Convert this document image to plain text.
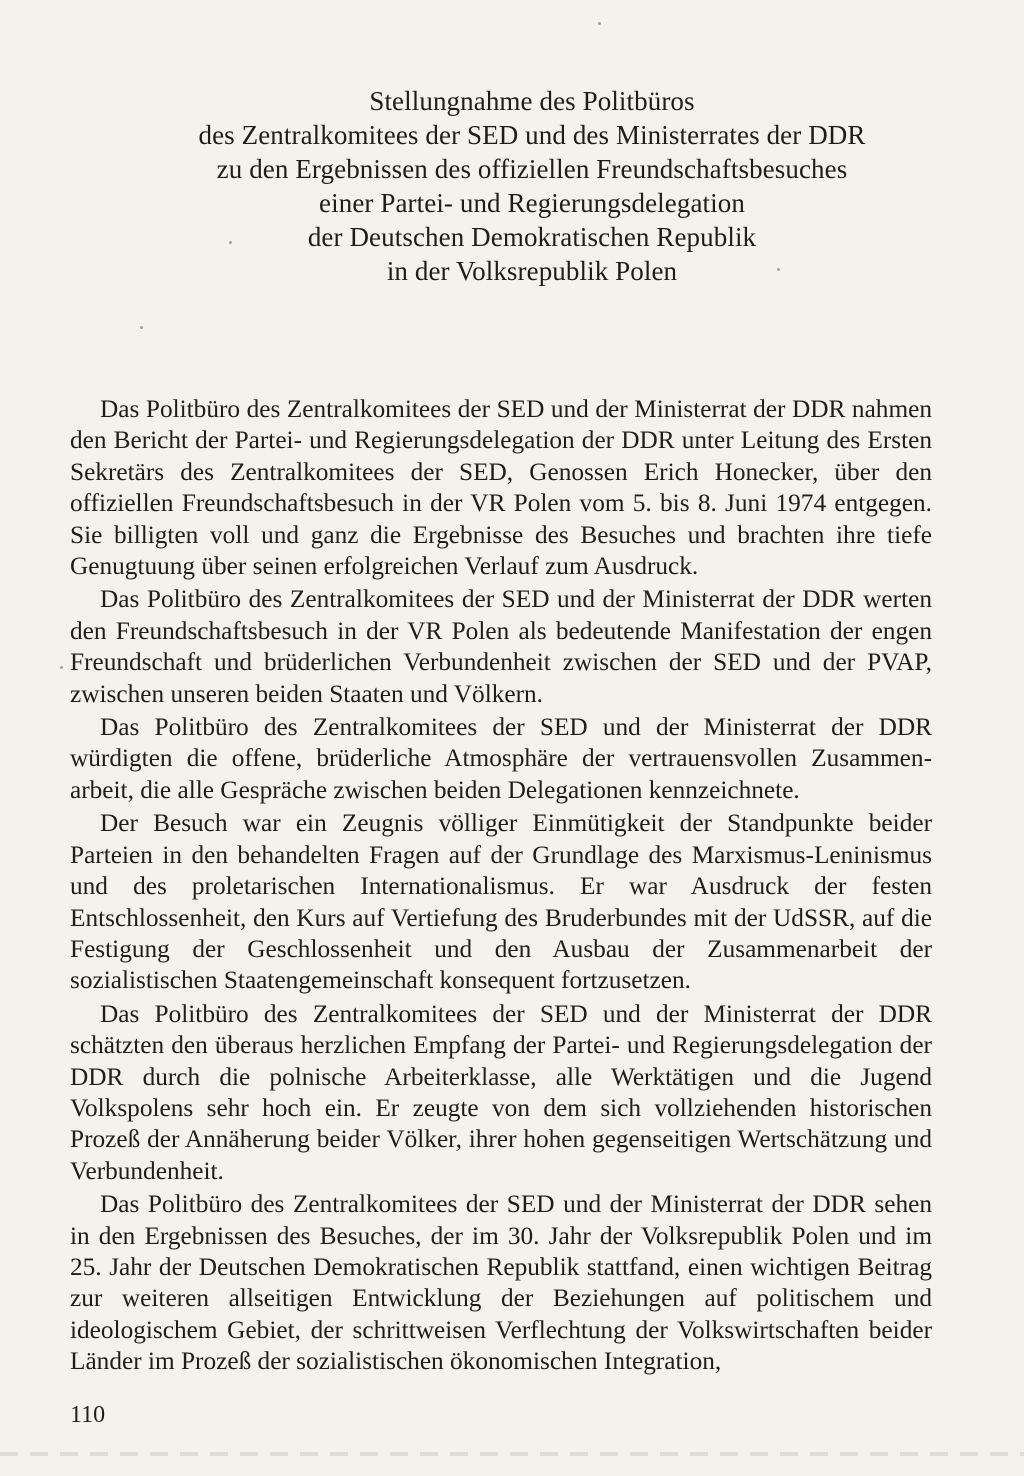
Stellungnahme des Politbüros
des Zentralkomitees der SED und des Ministerrates der DDR
zu den Ergebnissen des offiziellen Freundschaftsbesuches
einer Partei- und Regierungsdelegation
der Deutschen Demokratischen Republik
in der Volksrepublik Polen

Das Politbüro des Zentralkomitees der SED und der Ministerrat der DDR nahmen den Bericht der Partei- und Regierungsdelegation der DDR unter Leitung des Ersten Sekretärs des Zentralkomitees der SED, Genossen Erich Honecker, über den offiziellen Freundschaftsbesuch in der VR Polen vom 5. bis 8. Juni 1974 entgegen. Sie billigten voll und ganz die Ergebnisse des Besuches und brachten ihre tiefe Genugtuung über seinen erfolgreichen Verlauf zum Ausdruck.

Das Politbüro des Zentralkomitees der SED und der Ministerrat der DDR werten den Freundschaftsbesuch in der VR Polen als bedeutende Manifestation der engen Freundschaft und brüderlichen Verbundenheit zwischen der SED und der PVAP, zwischen unseren beiden Staaten und Völkern.

Das Politbüro des Zentralkomitees der SED und der Ministerrat der DDR würdigten die offene, brüderliche Atmosphäre der vertrauensvollen Zusammenarbeit, die alle Gespräche zwischen beiden Delegationen kennzeichnete.

Der Besuch war ein Zeugnis völliger Einmütigkeit der Standpunkte beider Parteien in den behandelten Fragen auf der Grundlage des Marxismus-Leninismus und des proletarischen Internationalismus. Er war Ausdruck der festen Entschlossenheit, den Kurs auf Vertiefung des Bruderbundes mit der UdSSR, auf die Festigung der Geschlossenheit und den Ausbau der Zusammenarbeit der sozialistischen Staatengemeinschaft konsequent fortzusetzen.

Das Politbüro des Zentralkomitees der SED und der Ministerrat der DDR schätzten den überaus herzlichen Empfang der Partei- und Regierungsdelegation der DDR durch die polnische Arbeiterklasse, alle Werktätigen und die Jugend Volkspolens sehr hoch ein. Er zeugte von dem sich vollziehenden historischen Prozeß der Annäherung beider Völker, ihrer hohen gegenseitigen Wertschätzung und Verbundenheit.

Das Politbüro des Zentralkomitees der SED und der Ministerrat der DDR sehen in den Ergebnissen des Besuches, der im 30. Jahr der Volksrepublik Polen und im 25. Jahr der Deutschen Demokratischen Republik stattfand, einen wichtigen Beitrag zur weiteren allseitigen Entwicklung der Beziehungen auf politischem und ideologischem Gebiet, der schrittweisen Verflechtung der Volkswirtschaften beider Länder im Prozeß der sozialistischen ökonomischen Integration,

110
